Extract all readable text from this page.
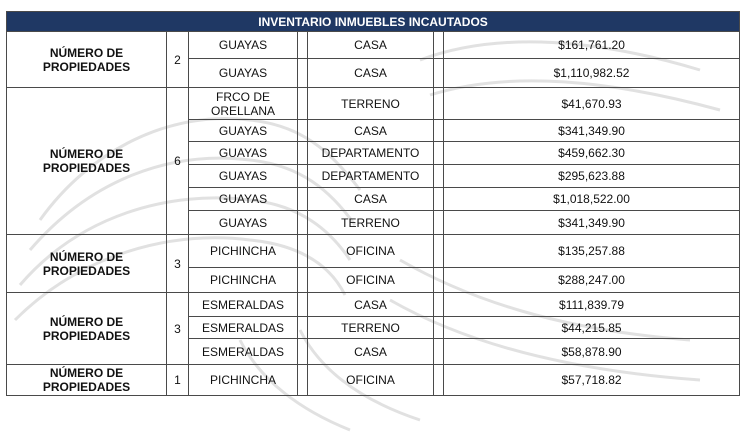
INVENTARIO INMUEBLES INCAUTADOS						
NÚMERO DE PROPIEDADES	2	GUAYAS		CASA		$161,761.20
		GUAYAS		CASA		$1,110,982.52
NÚMERO DE PROPIEDADES	6	FRCO DE ORELLANA		TERRENO		$41,670.93
		GUAYAS		CASA		$341,349.90
		GUAYAS		DEPARTAMENTO		$459,662.30
		GUAYAS		DEPARTAMENTO		$295,623.88
		GUAYAS		CASA		$1,018,522.00
		GUAYAS		TERRENO		$341,349.90
NÚMERO DE PROPIEDADES	3	PICHINCHA		OFICINA		$135,257.88
		PICHINCHA		OFICINA		$288,247.00
NÚMERO DE PROPIEDADES	3	ESMERALDAS		CASA		$111,839.79
		ESMERALDAS		TERRENO		$44,215.85
		ESMERALDAS		CASA		$58,878.90
NÚMERO DE PROPIEDADES	1	PICHINCHA		OFICINA		$57,718.82
